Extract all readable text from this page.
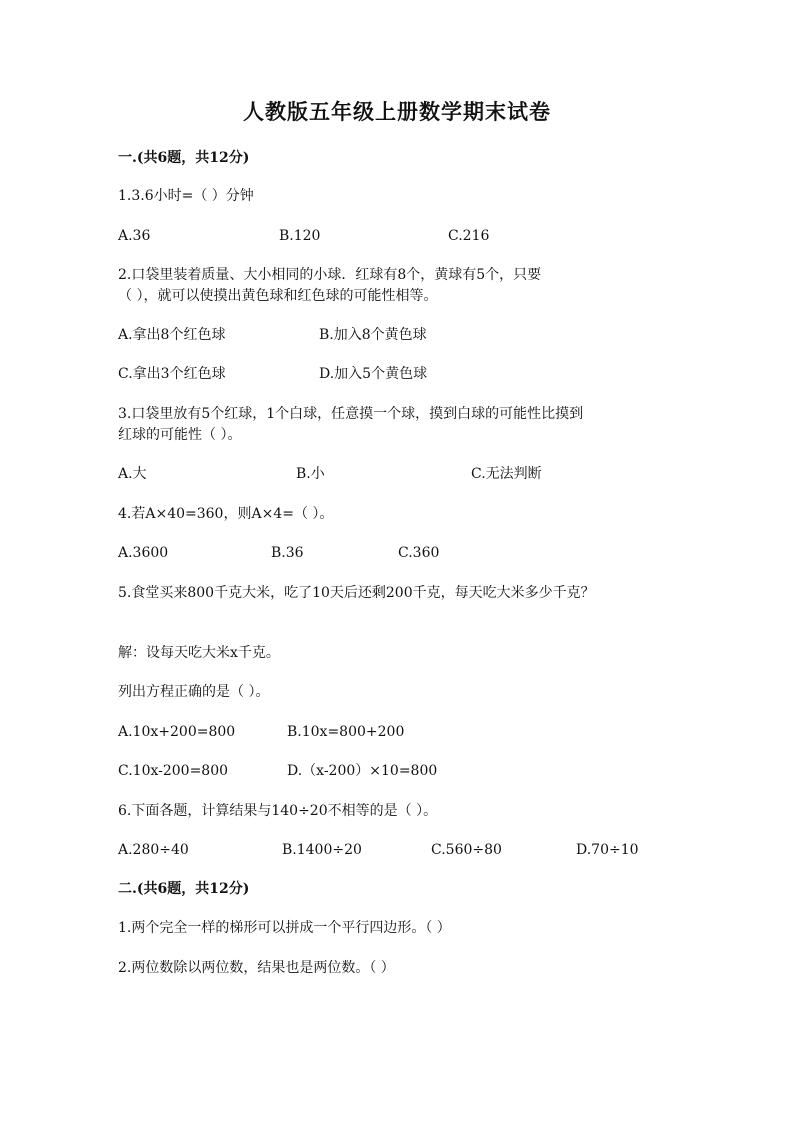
人教版五年级上册数学期末试卷
一.(共6题，共12分)
1.3.6小时=（ ）分钟
A.36	B.120	C.216
2.口袋里装着质量、大小相同的小球．红球有8个，黄球有5个，只要
（ ），就可以使摸出黄色球和红色球的可能性相等。
A.拿出8个红色球	B.加入8个黄色球
C.拿出3个红色球	D.加入5个黄色球
3.口袋里放有5个红球，1个白球，任意摸一个球，摸到白球的可能性比摸到
红球的可能性（ ）。
A.大	B.小	C.无法判断
4.若A×40=360，则A×4=（ ）。
A.3600	B.36	C.360
5.食堂买来800千克大米，吃了10天后还剩200千克，每天吃大米多少千克？
解：设每天吃大米x千克。
列出方程正确的是（ ）。
A.10x+200=800	B.10x=800+200
C.10x-200=800	D.（x-200）×10=800
6.下面各题，计算结果与140÷20不相等的是（ ）。
A.280÷40	B.1400÷20	C.560÷80	D.70÷10
二.(共6题，共12分)
1.两个完全一样的梯形可以拼成一个平行四边形。（ ）
2.两位数除以两位数，结果也是两位数。（ ）
